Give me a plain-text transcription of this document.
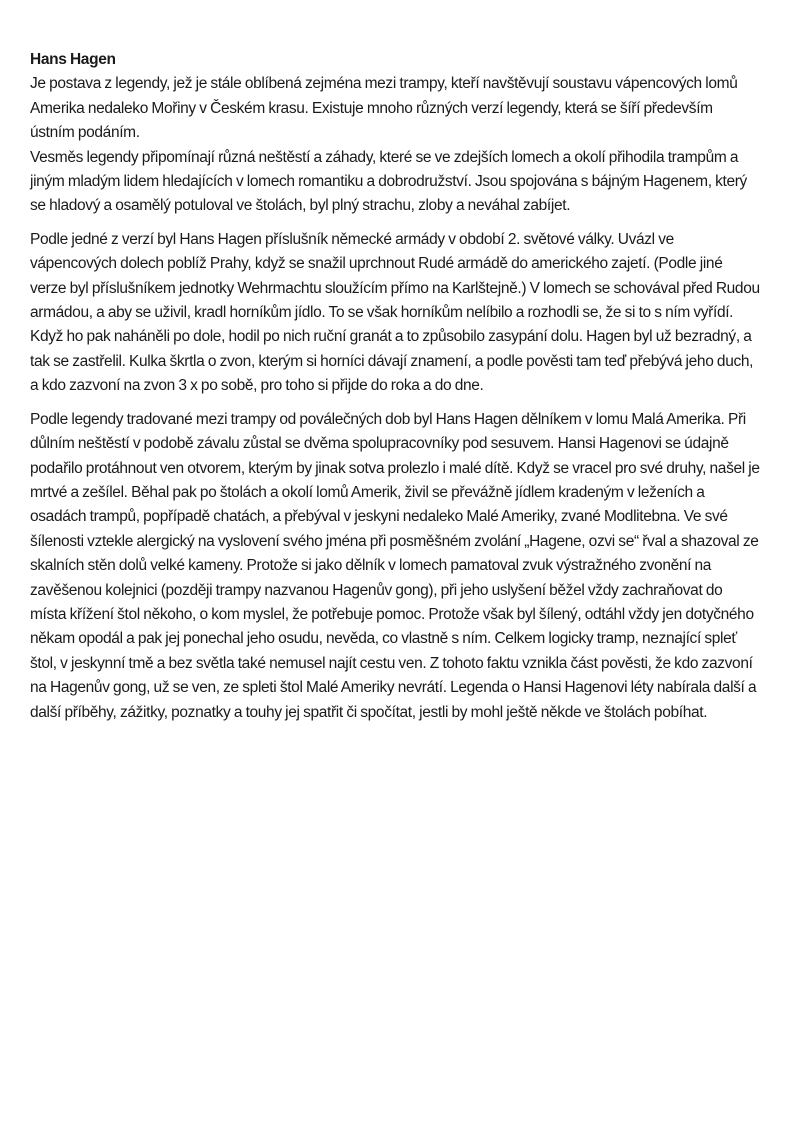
Hans Hagen

Je postava z legendy, jež je stále oblíbená zejména mezi trampy, kteří navštěvují soustavu vápencových lomů Amerika nedaleko Mořiny v Českém krasu. Existuje mnoho různých verzí legendy, která se šíří především ústním podáním.

Vesměs legendy připomínají různá neštěstí a záhady, které se ve zdejších lomech a okolí přihodila trampům a jiným mladým lidem hledajících v lomech romantiku a dobrodružství. Jsou spojována s bájným Hagenem, který se hladový a osamělý potuloval ve štolách, byl plný strachu, zloby a neváhal zabíjet.

Podle jedné z verzí byl Hans Hagen příslušník německé armády v období 2. světové války. Uvázl ve vápencových dolech poblíž Prahy, když se snažil uprchnout Rudé armádě do amerického zajetí. (Podle jiné verze byl příslušníkem jednotky Wehrmachtu sloužícím přímo na Karlštejně.) V lomech se schovával před Rudou armádou, a aby se uživil, kradl horníkům jídlo. To se však horníkům nelíbilo a rozhodli se, že si to s ním vyřídí. Když ho pak naháněli po dole, hodil po nich ruční granát a to způsobilo zasypání dolu. Hagen byl už bezradný, a tak se zastřelil. Kulka škrtla o zvon, kterým si horníci dávají znamení, a podle pověsti tam teď přebývá jeho duch, a kdo zazvoní na zvon 3 x po sobě, pro toho si přijde do roka a do dne.

Podle legendy tradované mezi trampy od poválečných dob byl Hans Hagen dělníkem v lomu Malá Amerika. Při důlním neštěstí v podobě závalu zůstal se dvěma spolupracovníky pod sesuvem. Hansi Hagenovi se údajně podařilo protáhnout ven otvorem, kterým by jinak sotva prolezlo i malé dítě. Když se vracel pro své druhy, našel je mrtvé a zešílel. Běhal pak po štolách a okolí lomů Amerik, živil se převážně jídlem kradeným v leženích a osadách trampů, popřípadě chatách, a přebýval v jeskyni nedaleko Malé Ameriky, zvané Modlitebna. Ve své šílenosti vztekle alergický na vyslovení svého jména při posměšném zvolání „Hagene, ozvi se“ řval a shazoval ze skalních stěn dolů velké kameny. Protože si jako dělník v lomech pamatoval zvuk výstražného zvonění na zavěšenou kolejnici (později trampy nazvanou Hagenův gong), při jeho uslyšení běžel vždy zachraňovat do místa křížení štol někoho, o kom myslel, že potřebuje pomoc. Protože však byl šílený, odtáhl vždy jen dotyčného někam opodál a pak jej ponechal jeho osudu, nevěda, co vlastně s ním. Celkem logicky tramp, neznající spleť štol, v jeskynní tmě a bez světla také nemusel najít cestu ven. Z tohoto faktu vznikla část pověsti, že kdo zazvoní na Hagenův gong, už se ven, ze spleti štol Malé Ameriky nevrátí. Legenda o Hansi Hagenovi léty nabírala další a další příběhy, zážitky, poznatky a touhy jej spatřit či spočítat, jestli by mohl ještě někde ve štolách pobíhat.
